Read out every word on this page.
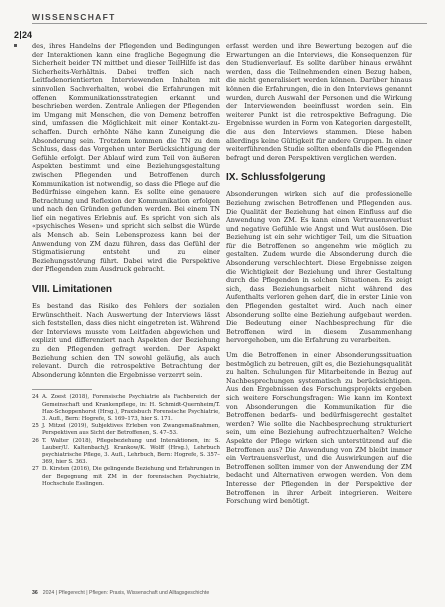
WISSENSCHAFT
2 24

des, ihres Handelns der Pflegenden und Bedingungen der Interaktionen kann eine fragliche Begegnung die Sicherheit beider TN mittbet und dieser TeilHilfe ist das Sicherheits-Verhältnis. Dabei treffen sich nach Leitfadenorientierten Interviewenden Inhalten mit sinnvollen Sachverhalten, wobei die Erfahrungen mit offenen Kommunikationsstrategien erkannt und beschrieben werden. Zentrale Anliegen der Pflegenden im Umgang mit Menschen, die von Demenz betroffen sind, umfassen die Möglichkeit mit einer Kontakt-zu-schaffen. Durch erhöhte Nähe kann Zuneigung die Absonderung sein. Trotzdem kommen die TN zu dem Schluss, dass das Vorgehen unter Berücksichtigung der Gefühle erfolgt. Der Ablauf wird zum Teil von äußeren Aspekten bestimmt und eine Beziehungsgestaltung zwischen Pflegenden und Betroffenen durch Kommunikation ist notwendig, so dass die Pflege auf die Bedürfnisse eingehen kann. Es sollte eine genauere Betrachtung und Reflexion der Kommunikation erfolgen und nach den Gründen gefunden werden. Bei einem TN lief ein negatives Erlebnis auf. Es spricht von sich als «psychisches Wesen» und spricht sich selbst die Würde als Mensch ab. Sein Lebensprozess kann bei der Anwendung von ZM dazu führen, dass das Gefühl der Stigmatisierung entsteht und zu einer Beziehungsstörung führt. Dabei wird die Perspektive der Pflegenden zum Ausdruck gebracht.

VIII. Limitationen

Es bestand das Risiko des Fehlers der sozialen Erwünschtheit. Nach Auswertung der Interviews lässt sich feststellen, dass dies nicht eingetreten ist. Während der Interviews musste vom Leitfaden abgewichen und explizit und differenziert nach Aspekten der Beziehung zu den Pflegenden gefragt werden. Der Aspekt Beziehung schien den TN sowohl geläufig, als auch relevant. Durch die retrospektive Betrachtung der Absonderung könnten die Ergebnisse verzerrt sein.

24 A. Zoest (2018), Forensische Psychiatrie als Fachbereich der Gemeinschaft und Krankenpflege, in: H. Schmidt-Quernheim/T. Hax-Schoppenhorst (Hrsg.), Praxisbuch Forensische Psychiatrie, 3. Aufl., Bern: Hogrefe, S. 169–173, hier S. 171.

25 J. Mitzel (2019), Subjektives Erleben von Zwangsmaßnahmen, Perspektiven aus Sicht der Betroffenen, S. 47–53.

26 T. Walter (2018), Pflegebeziehung und Interaktionen, in: S. Lauber/U. Kaltenbach/J. Krankow/K. Wolff (Hrsg.), Lehrbuch psychiatrische Pflege, 3. Aufl., Lehrbuch, Bern: Hogrefe, S. 357–369, hier S. 363.

27 D. Kirsten (2016), Die gelingende Beziehung und Erfahrungen in der Begegnung mit ZM in der forensischen Psychiatrie, Hochschule Esslingen.

erfasst werden und ihre Bewertung bezogen auf die Erwartungen an die Interviews, die Konsequenzen für den Studienverlauf. Es sollte darüber hinaus erwähnt werden, dass die Teilnehmenden einen Bezug haben, die nicht generalisiert werden können. Darüber hinaus können die Erfahrungen, die in den Interviews genannt wurden, durch Auswahl der Personen und die Wirkung der Interviewenden beeinflusst worden sein. Ein weiterer Punkt ist die retrospektive Befragung. Die Ergebnisse wurden in Form von Kategorien dargestellt, die aus den Interviews stammen. Diese haben allerdings keine Gültigkeit für andere Gruppen. In einer weiterführenden Studie sollten ebenfalls die Pflegenden befragt und deren Perspektiven verglichen werden.

IX. Schlussfolgerung

Absonderungen wirken sich auf die professionelle Beziehung zwischen Betroffenen und Pflegenden aus. Die Qualität der Beziehung hat einen Einfluss auf die Anwendung von ZM. Es kann einen Vertrauensverlust und negative Gefühle wie Angst und Wut auslösen. Die Beziehung ist ein sehr wichtiger Teil, um die Situation für die Betroffenen so angenehm wie möglich zu gestalten. Zudem wurde die Absonderung durch die Absonderung verschlechtert. Diese Ergebnisse zeigen die Wichtigkeit der Beziehung und ihrer Gestaltung durch die Pflegenden in solchen Situationen. Es zeigt sich, dass Beziehungsarbeit nicht während des Aufenthalts verloren gehen darf, die in erster Linie von den Pflegenden gestaltet wird. Auch nach einer Absonderung sollte eine Beziehung aufgebaut werden. Die Bedeutung einer Nachbesprechung für die Betroffenen wird in diesem Zusammenhang hervorgehoben, um die Erfahrung zu verarbeiten.

Um die Betroffenen in einer Absonderungssituation bestmöglich zu betreuen, gilt es, die Beziehungsqualität zu halten. Schulungen für Mitarbeitende in Bezug auf Nachbesprechungen systematisch zu berücksichtigen. Aus den Ergebnissen des Forschungsprojekts ergeben sich weitere Forschungsfragen: Wie kann im Kontext von Absonderungen die Kommunikation für die Betroffenen bedarfs- und bedürfnisgerecht gestaltet werden? Wie sollte die Nachbesprechung strukturiert sein, um eine Beziehung aufrechtzuerhalten? Welche Aspekte der Pflege wirken sich unterstützend auf die Betroffenen aus? Die Anwendung von ZM bleibt immer ein Vertrauensverlust, und die Auswirkungen auf die Betroffenen sollten immer von der Anwendung der ZM bedacht und Alternativen erwogen werden. Von dem Interesse der Pflegenden in der Perspektive der Betroffenen in ihrer Arbeit integrieren. Weitere Forschung wird benötigt.

36 2024 | Pflegerecht | Pflegen: Praxis, Wissenschaft und Alltagsgeschichte
